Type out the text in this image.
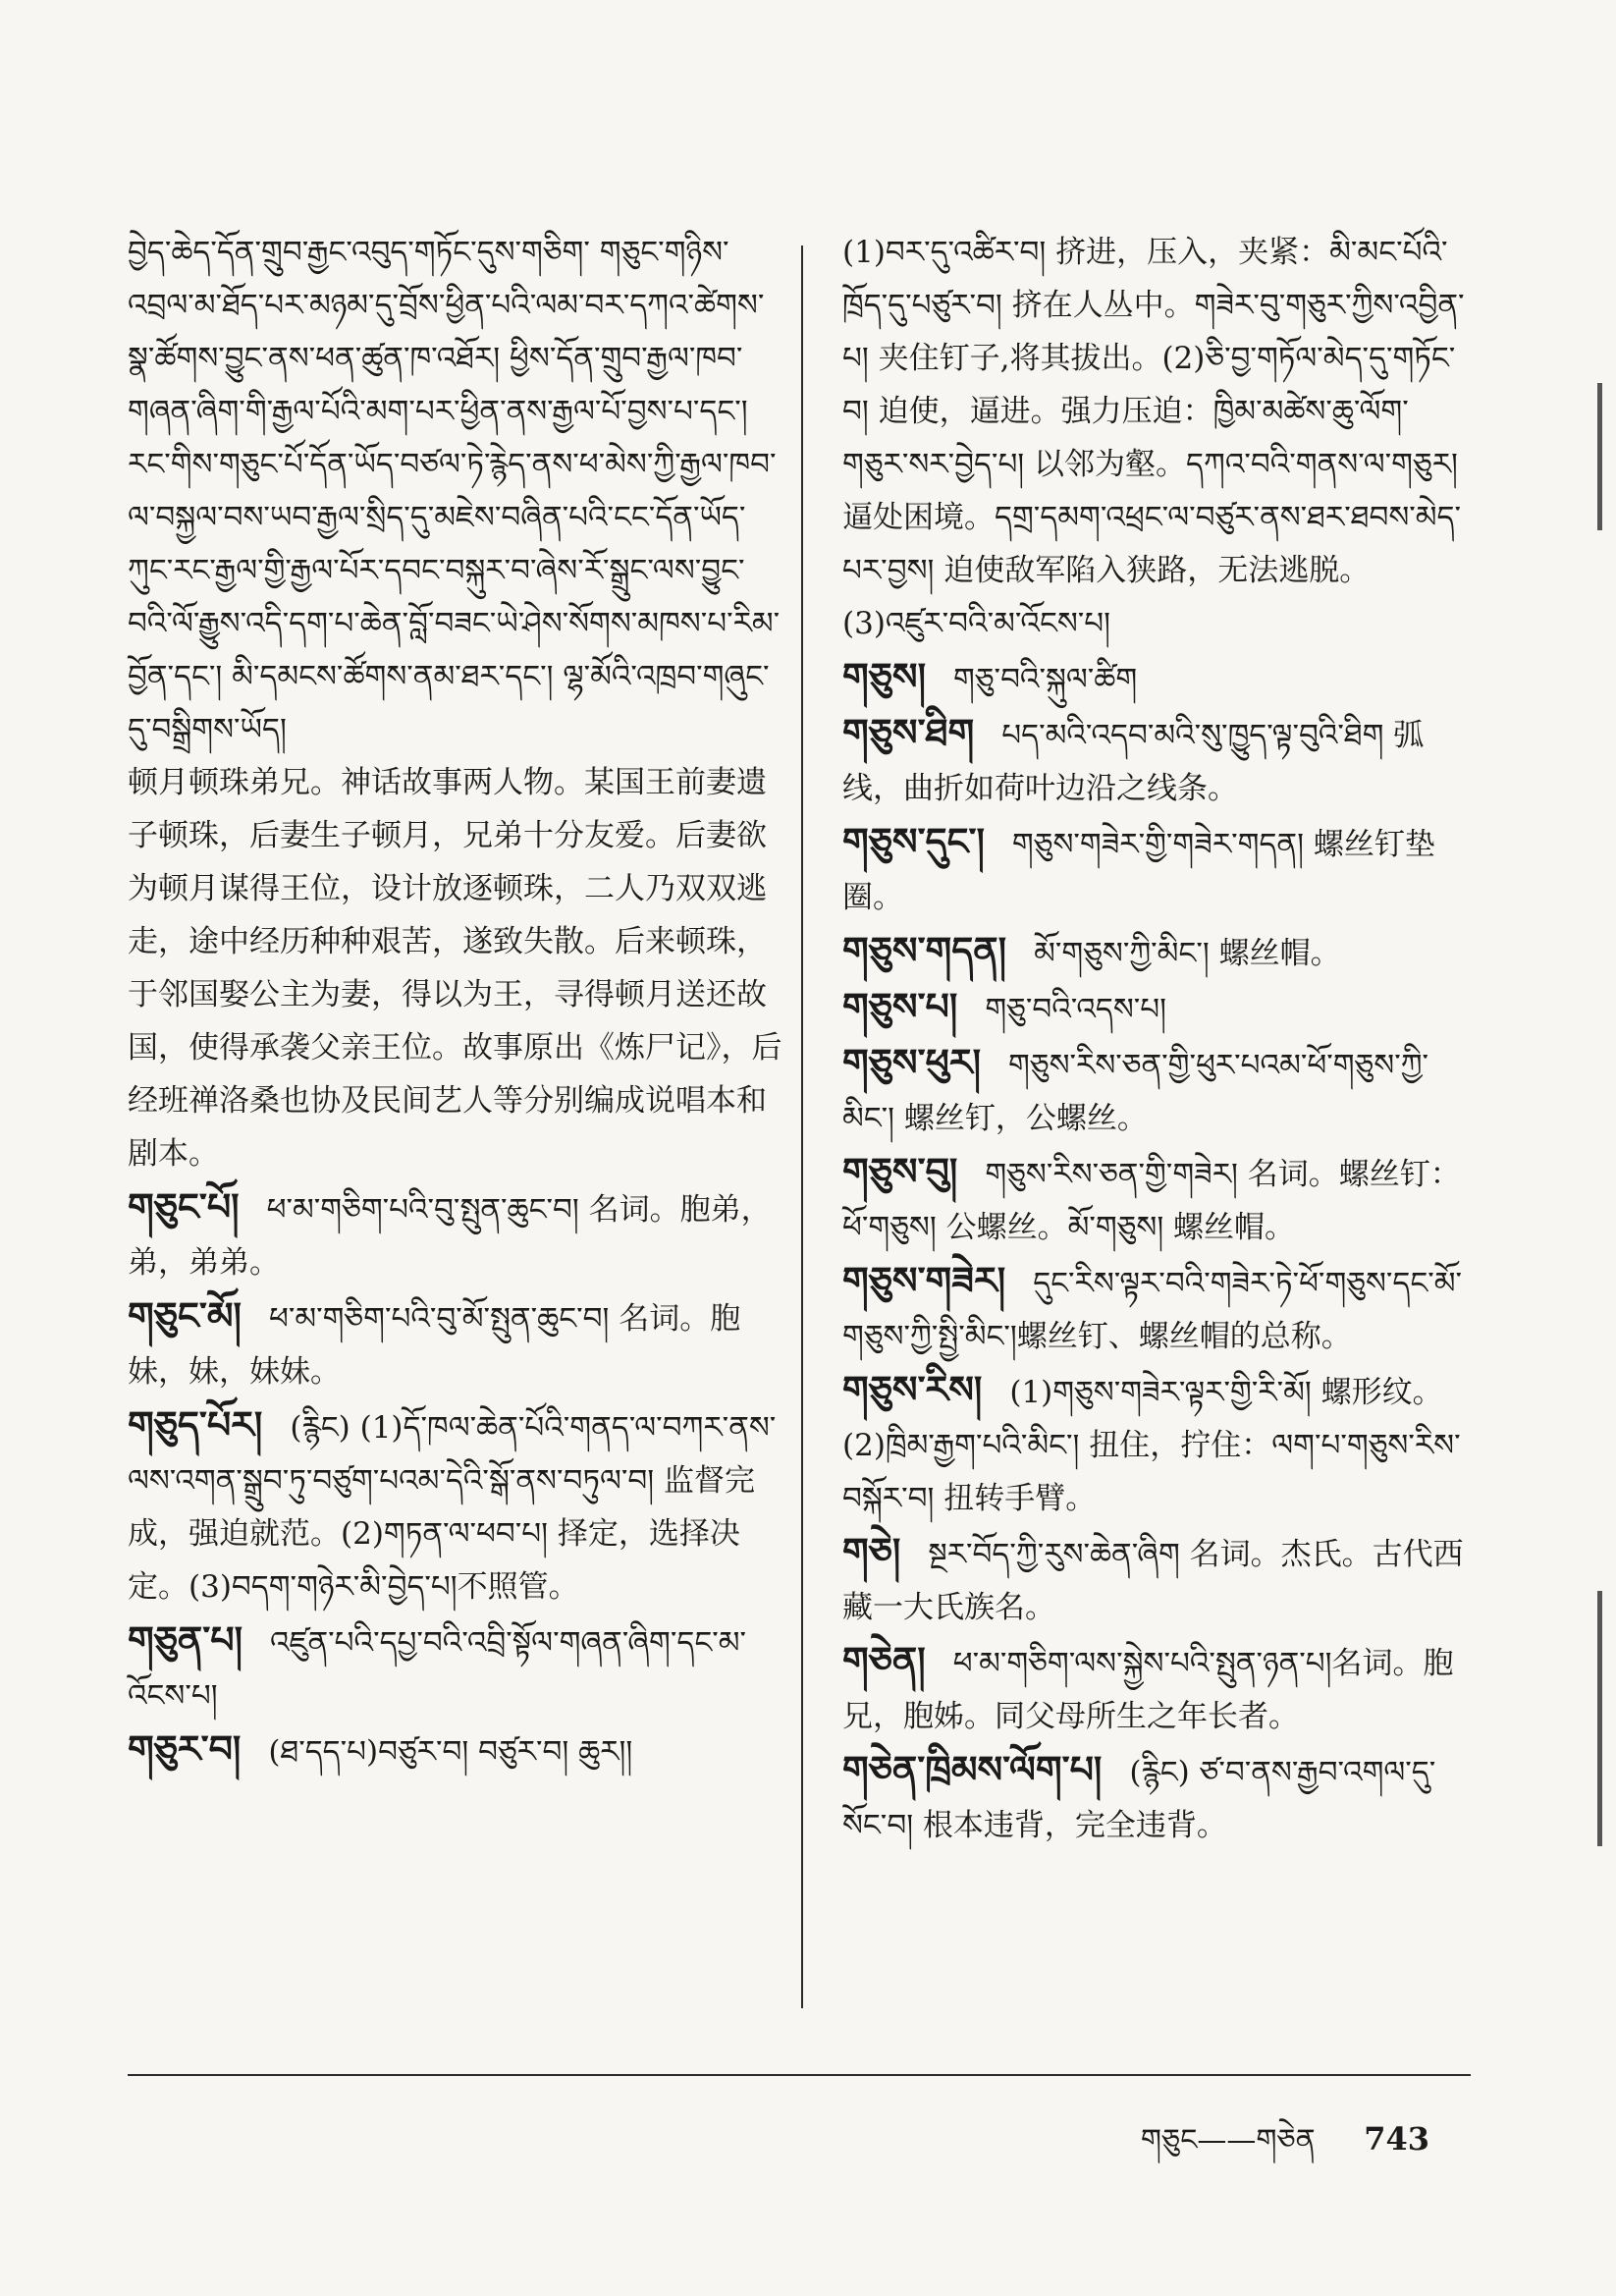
བྱེད་ཆེད་དོན་གྲུབ་རྒྱང་འབུད་གཏོང་དུས་གཅིག་ གཅུང་གཉིས་འབྲལ་མ་ཐོད་པར་མཉམ་དུ་བྲོས་ཕྱིན་པའི་ལམ་བར་དཀའ་ཚེགས་སྣ་ཚོགས་བྱུང་ནས་ཕན་ཚུན་ཁ་འཐོར། ཕྱིས་དོན་གྲུབ་རྒྱལ་ཁབ་གཞན་ཞིག་གི་རྒྱལ་པོའི་མག་པར་ཕྱིན་ནས་རྒྱལ་པོ་བྱས་པ་དང་། རང་གིས་གཅུང་པོ་དོན་ཡོད་བཙལ་ཏེ་རྙེད་ནས་ཕ་མེས་ཀྱི་རྒྱལ་ཁབ་ལ་བསྐྱལ་བས་ཡབ་རྒྱལ་སྲིད་དུ་མཇེས་བཞིན་པའི་ངང་དོན་ཡོད་ཀུང་རང་རྒྱལ་གྱི་རྒྱལ་པོར་དབང་བསྐུར་བ་ཞེས་རོ་སྒྲུང་ལས་བྱུང་བའི་ལོ་རྒྱུས་འདི་དག་པ་ཆེན་བློ་བཟང་ཡེ་ཤེས་སོགས་མཁས་པ་རིམ་བྱོན་དང་། མི་དམངས་ཚོགས་ནམ་ཐར་དང་། ལྷ་མོའི་འཁྲབ་གཞུང་དུ་བསྒྲིགས་ཡོད།

顿月顿珠弟兄。神话故事两人物。某国王前妻遗子顿珠，后妻生子顿月，兄弟十分友爱。后妻欲为顿月谋得王位，设计放逐顿珠，二人乃双双逃走，途中经历种种艰苦，遂致失散。后来顿珠，于邻国娶公主为妻，得以为王，寻得顿月送还故国，使得承袭父亲王位。故事原出《炼尸记》，后经班禅洛桑也协及民间艺人等分别编成说唱本和剧本。

གཅུང་པོ། ཕ་མ་གཅིག་པའི་བུ་སྤུན་ཆུང་བ། 名词。胞弟，弟，弟弟。
གཅུང་མོ། ཕ་མ་གཅིག་པའི་བུ་མོ་སྤུན་ཆུང་བ། 名词。胞妹，妹，妹妹。
གཅུད་པོར། (རྙིང) (1)དོ་ཁལ་ཆེན་པོའི་གནད་ལ་བཀར་ནས་ལས་འགན་སྒྲུབ་ཏུ་བཙུག་པའམ་དེའི་སྒོ་ནས་བཏུལ་བ། 监督完成，强迫就范。(2)གཏན་ལ་ཕབ་པ། 择定，选择决定。(3)བདག་གཉེར་མི་བྱེད་པ།不照管。
གཅུན་པ། འཛུན་པའི་དཔྱ་བའི་འབྲི་སྟོལ་གཞན་ཞིག་དང་མ་འོངས་པ།
གཅུར་བ། (ཐ་དད་པ)བཙུར་བ། བཙུར་བ། ཆུར།།

(1)བར་དུ་འཚིར་བ། 挤进，压入，夹紧：མི་མང་པོའི་ཁྲོད་དུ་པཙུར་བ། 挤在人丛中。གཟེར་བུ་གཅུར་ཀྱིས་འབྱིན་པ། 夹住钉子,将其拔出。(2)ཅི་བྱ་གཏོལ་མེད་དུ་གཏོང་བ། 迫使，逼进。强力压迫：ཁྱིམ་མཚེས་ཆུ་ལོག་གཅུར་སར་བྱེད་པ། 以邻为壑。དཀའ་བའི་གནས་ལ་གཅུར། 逼处困境。དགྲ་དམག་འཕྲང་ལ་བཙུར་ནས་ཐར་ཐབས་མེད་པར་བྱས། 迫使敌军陷入狭路，无法逃脱。(3)འཛུར་བའི་མ་འོངས་པ།

གཅུས། གཅུ་བའི་སྐུལ་ཚིག
གཅུས་ཐིག པད་མའི་འདབ་མའི་སུ་ཁྱུད་ལྟ་བུའི་ཐིག 弧线，曲折如荷叶边沿之线条。
གཅུས་དུང་། གཅུས་གཟེར་གྱི་གཟེར་གདན། 螺丝钉垫圈。
གཅུས་གདན། མོ་གཅུས་ཀྱི་མིང་། 螺丝帽。
གཅུས་པ། གཅུ་བའི་འདས་པ།
གཅུས་ཕུར། གཅུས་རིས་ཅན་གྱི་ཕུར་པའམ་ཕོ་གཅུས་ཀྱི་མིང་། 螺丝钉，公螺丝。
གཅུས་བུ། གཅུས་རིས་ཅན་གྱི་གཟེར། 名词。螺丝钉：ཕོ་གཅུས། 公螺丝。མོ་གཅུས། 螺丝帽。
གཅུས་གཟེར། དུང་རིས་ལྟར་བའི་གཟེར་ཏེ་ཕོ་གཅུས་དང་མོ་གཅུས་ཀྱི་སྤྱི་མིང་།螺丝钉、螺丝帽的总称。
གཅུས་རིས། (1)གཅུས་གཟེར་ལྟར་གྱི་རི་མོ། 螺形纹。(2)ཁྲིམ་རྒྱག་པའི་མིང་། 扭住，拧住：ལག་པ་གཅུས་རིས་བསྐོར་བ། 扭转手臂。
གཅེ། སྔར་བོད་ཀྱི་རུས་ཆེན་ཞིག 名词。杰氏。古代西藏一大氏族名。
གཅེན། ཕ་མ་གཅིག་ལས་སྐྱེས་པའི་སྤུན་ཉན་པ།名词。胞兄，胞姊。同父母所生之年长者。
གཅེན་ཁྲིམས་ལོག་པ། (རྙིང) ཙ་བ་ནས་རྒྱབ་འགལ་དུ་སོང་བ། 根本违背，完全违背。
གཅུང——གཅེན 743
